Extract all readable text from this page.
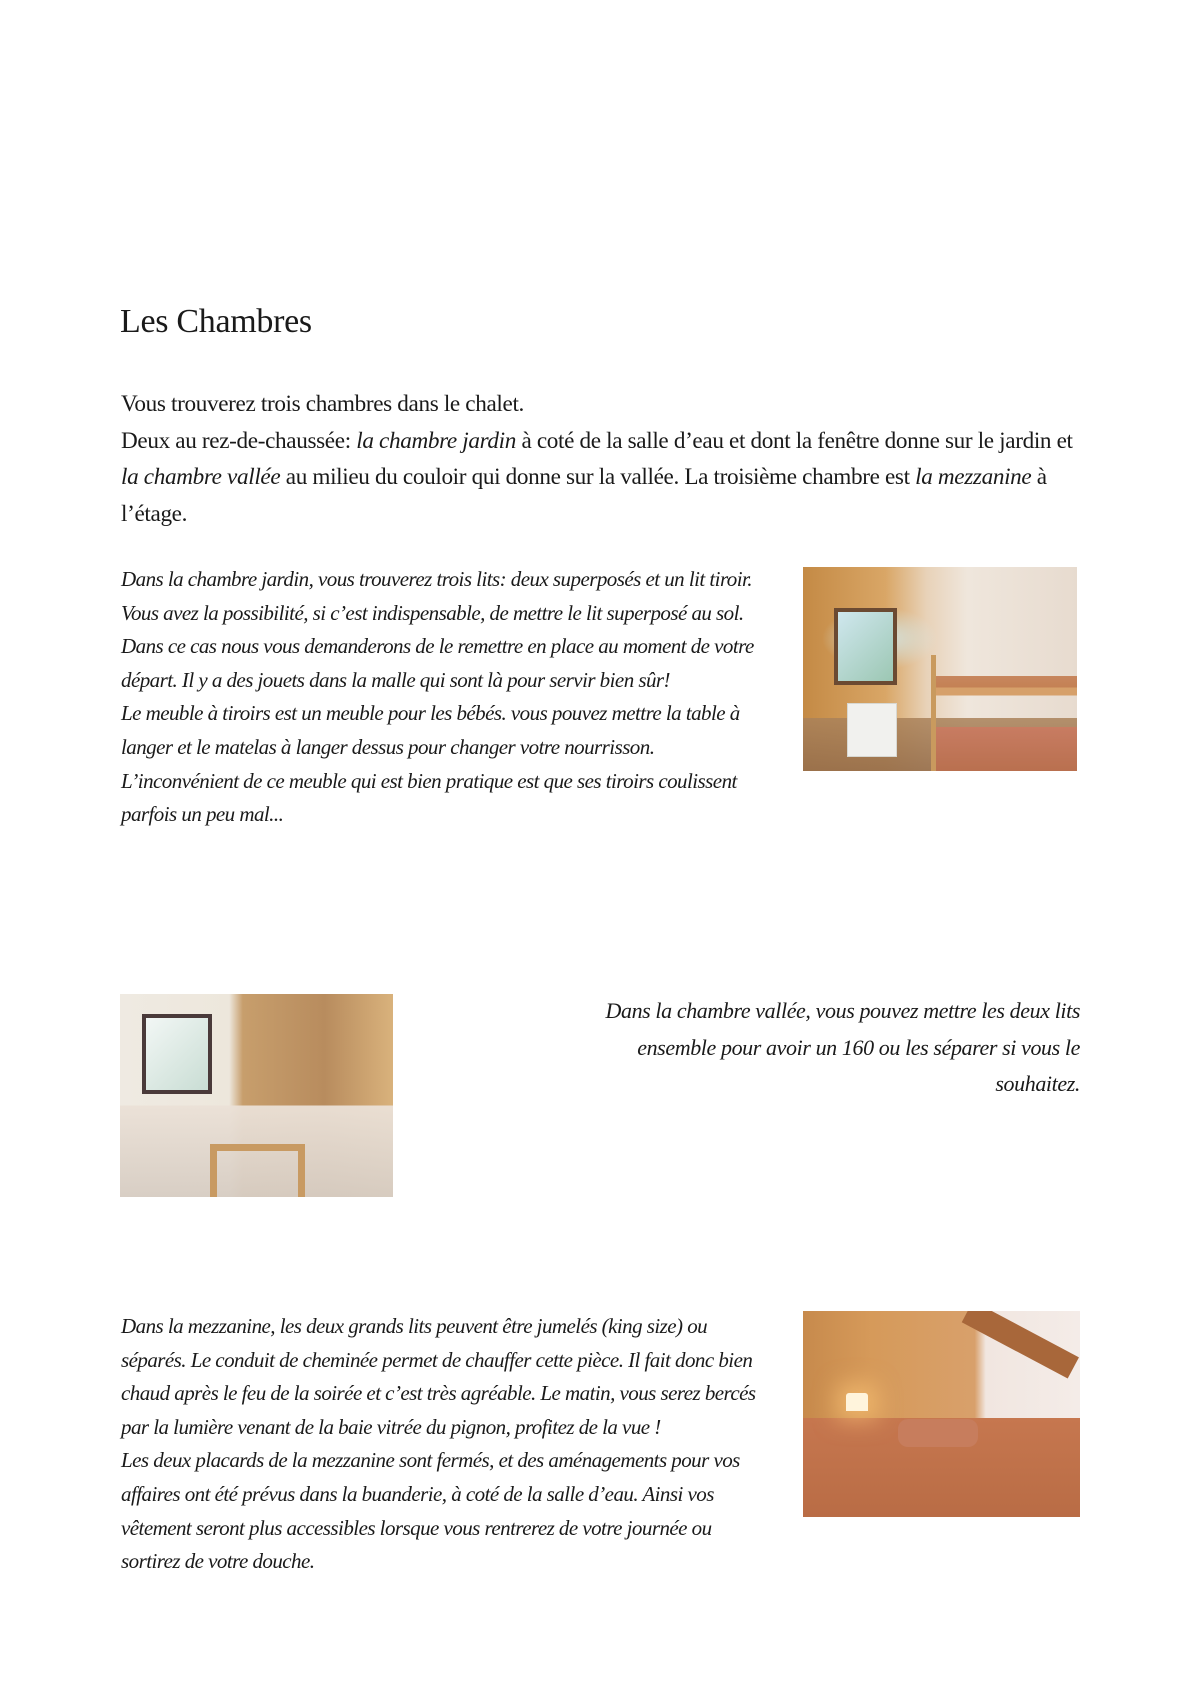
Les Chambres

Vous trouverez trois chambres dans le chalet.

Deux au rez-de-chaussée: la chambre jardin à coté de la salle d’eau et dont la fenêtre donne sur le jardin et la chambre vallée au milieu du couloir qui donne sur la vallée. La troisième chambre est la mezzanine à l’étage.

Dans la chambre jardin, vous trouverez trois lits: deux superposés et un lit tiroir.

Vous avez la possibilité, si c’est indispensable, de mettre le lit superposé au sol. Dans ce cas nous vous demanderons de le remettre en place au moment de votre départ. Il y a des jouets dans la malle qui sont là pour servir bien sûr!

Le meuble à tiroirs est un meuble pour les bébés. vous pouvez mettre la table à langer et le matelas à langer dessus pour changer votre nourrisson. L’inconvénient de ce meuble qui est bien pratique est que ses tiroirs coulissent parfois un peu mal...

Dans la chambre vallée, vous pouvez mettre les deux lits ensemble pour avoir un 160 ou les séparer si vous le souhaitez.

Dans la mezzanine, les deux grands lits peuvent être jumelés (king size) ou séparés. Le conduit de cheminée permet de chauffer cette pièce. Il fait donc bien chaud après le feu de la soirée et c’est très agréable. Le matin, vous serez bercés par la lumière venant de la baie vitrée du pignon, profitez de la vue !

Les deux placards de la mezzanine sont fermés, et des aménagements pour vos affaires ont été prévus dans la buanderie, à coté de la salle d’eau. Ainsi vos vêtement seront plus accessibles lorsque vous rentrerez de votre journée ou sortirez de votre douche.
